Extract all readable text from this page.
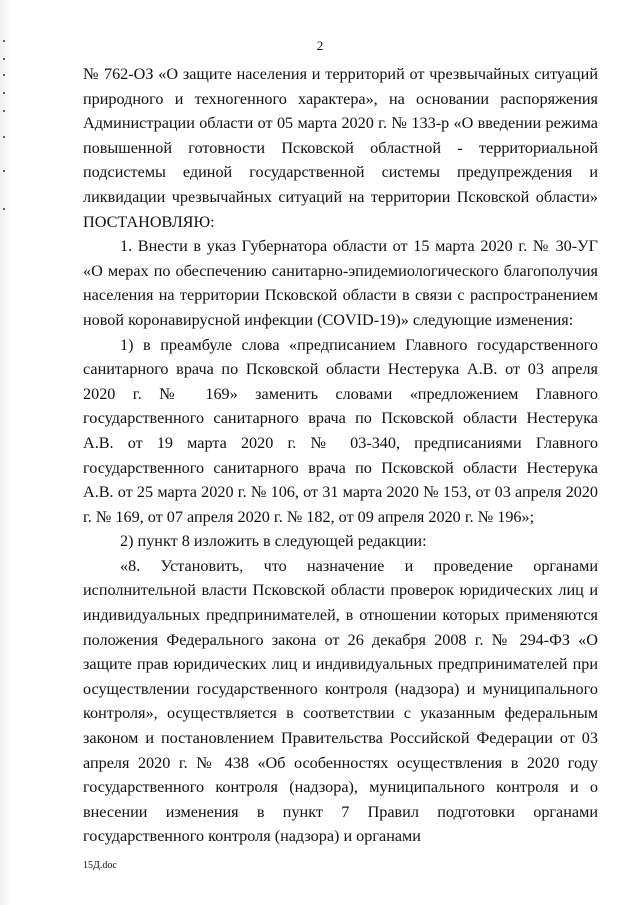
2

№ 762-ОЗ «О защите населения и территорий от чрезвычайных ситуаций природного и техногенного характера», на основании распоряжения Администрации области от 05 марта 2020 г. № 133-р «О введении режима повышенной готовности Псковской областной - территориальной подсистемы единой государственной системы предупреждения и ликвидации чрезвычайных ситуаций на территории Псковской области» ПОСТАНОВЛЯЮ:

1. Внести в указ Губернатора области от 15 марта 2020 г. № 30-УГ «О мерах по обеспечению санитарно-эпидемиологического благополучия населения на территории Псковской области в связи с распространением новой коронавирусной инфекции (COVID-19)» следующие изменения:

1) в преамбуле слова «предписанием Главного государственного санитарного врача по Псковской области Нестерука А.В. от 03 апреля 2020 г. № 169» заменить словами «предложением Главного государственного санитарного врача по Псковской области Нестерука А.В. от 19 марта 2020 г. № 03-340, предписаниями Главного государственного санитарного врача по Псковской области Нестерука А.В. от 25 марта 2020 г. № 106, от 31 марта 2020 № 153, от 03 апреля 2020 г. № 169, от 07 апреля 2020 г. № 182, от 09 апреля 2020 г. № 196»;

2) пункт 8 изложить в следующей редакции:

«8. Установить, что назначение и проведение органами исполнительной власти Псковской области проверок юридических лиц и индивидуальных предпринимателей, в отношении которых применяются положения Федерального закона от 26 декабря 2008 г. № 294-ФЗ «О защите прав юридических лиц и индивидуальных предпринимателей при осуществлении государственного контроля (надзора) и муниципального контроля», осуществляется в соответствии с указанным федеральным законом и постановлением Правительства Российской Федерации от 03 апреля 2020 г. № 438 «Об особенностях осуществления в 2020 году государственного контроля (надзора), муниципального контроля и о внесении изменения в пункт 7 Правил подготовки органами государственного контроля (надзора) и органами

15Д.doc
